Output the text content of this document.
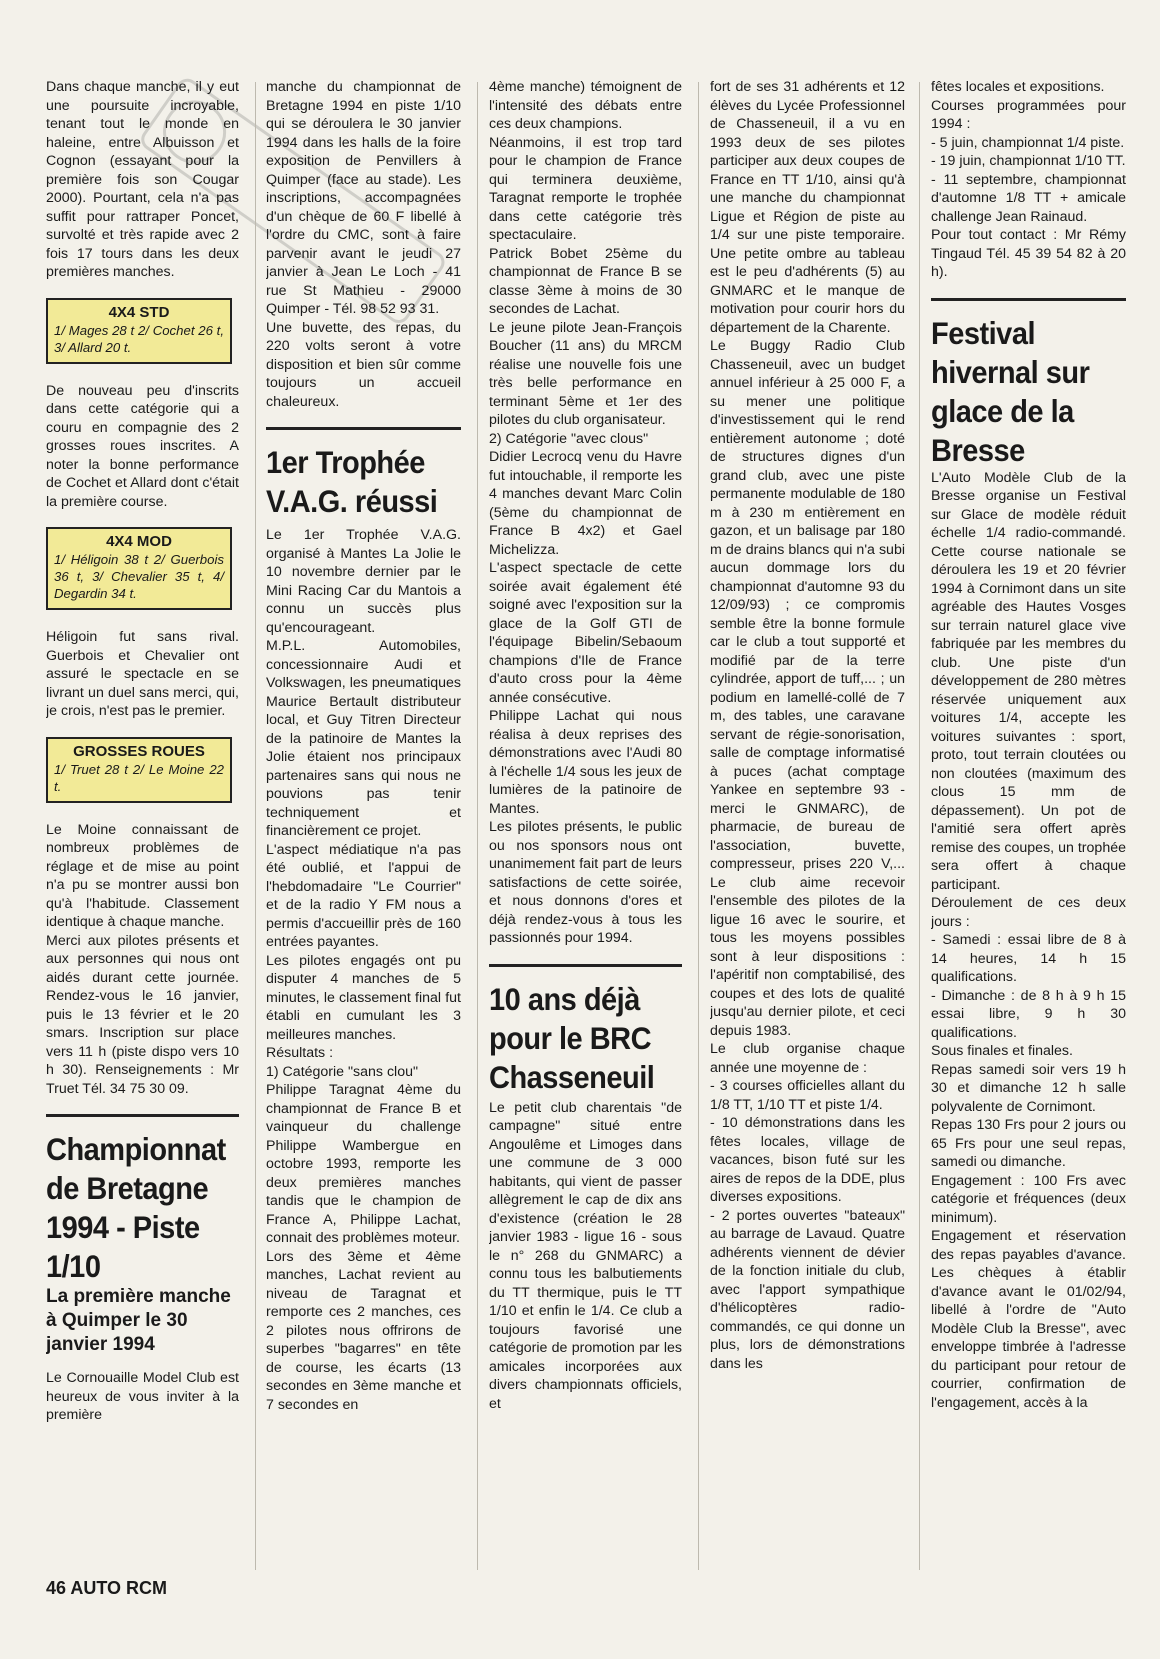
Dans chaque manche, il y eut une poursuite incroyable, tenant tout le monde en haleine, entre Albuisson et Cognon (essayant pour la première fois son Cougar 2000). Pourtant, cela n'a pas suffit pour rattraper Poncet, survolté et très rapide avec 2 fois 17 tours dans les deux premières manches.

4X4 STD
1/ Mages 28 t 2/ Cochet 26 t, 3/ Allard 20 t.

De nouveau peu d'inscrits dans cette catégorie qui a couru en compagnie des 2 grosses roues inscrites. A noter la bonne performance de Cochet et Allard dont c'était la première course.

4X4 MOD
1/ Héligoin 38 t 2/ Guerbois 36 t, 3/ Chevalier 35 t, 4/ Degardin 34 t.

Héligoin fut sans rival. Guerbois et Chevalier ont assuré le spectacle en se livrant un duel sans merci, qui, je crois, n'est pas le premier.

GROSSES ROUES
1/ Truet 28 t 2/ Le Moine 22 t.

Le Moine connaissant de nombreux problèmes de réglage et de mise au point n'a pu se montrer aussi bon qu'à l'habitude. Classement identique à chaque manche.

Merci aux pilotes présents et aux personnes qui nous ont aidés durant cette journée. Rendez-vous le 16 janvier, puis le 13 février et le 20 smars. Inscription sur place vers 11 h (piste dispo vers 10 h 30). Renseignements : Mr Truet Tél. 34 75 30 09.

Championnat de Bretagne 1994 - Piste 1/10
La première manche à Quimper le 30 janvier 1994

Le Cornouaille Model Club est heureux de vous inviter à la première

manche du championnat de Bretagne 1994 en piste 1/10 qui se déroulera le 30 janvier 1994 dans les halls de la foire exposition de Penvillers à Quimper (face au stade). Les inscriptions, accompagnées d'un chèque de 60 F libellé à l'ordre du CMC, sont à faire parvenir avant le jeudi 27 janvier à Jean Le Loch - 41 rue St Mathieu - 29000 Quimper - Tél. 98 52 93 31.

Une buvette, des repas, du 220 volts seront à votre disposition et bien sûr comme toujours un accueil chaleureux.

1er Trophée V.A.G. réussi

Le 1er Trophée V.A.G. organisé à Mantes La Jolie le 10 novembre dernier par le Mini Racing Car du Mantois a connu un succès plus qu'encourageant.

M.P.L. Automobiles, concessionnaire Audi et Volkswagen, les pneumatiques Maurice Bertault distributeur local, et Guy Titren Directeur de la patinoire de Mantes la Jolie étaient nos principaux partenaires sans qui nous ne pouvions pas tenir techniquement et financièrement ce projet.

L'aspect médiatique n'a pas été oublié, et l'appui de l'hebdomadaire "Le Courrier" et de la radio Y FM nous a permis d'accueillir près de 160 entrées payantes.

Les pilotes engagés ont pu disputer 4 manches de 5 minutes, le classement final fut établi en cumulant les 3 meilleures manches.

Résultats :

1) Catégorie "sans clou"

Philippe Taragnat 4ème du championnat de France B et vainqueur du challenge Philippe Wambergue en octobre 1993, remporte les deux premières manches tandis que le champion de France A, Philippe Lachat, connait des problèmes moteur.

Lors des 3ème et 4ème manches, Lachat revient au niveau de Taragnat et remporte ces 2 manches, ces 2 pilotes nous offrirons de superbes "bagarres" en tête de course, les écarts (13 secondes en 3ème manche et 7 secondes en

4ème manche) témoignent de l'intensité des débats entre ces deux champions.

Néanmoins, il est trop tard pour le champion de France qui terminera deuxième, Taragnat remporte le trophée dans cette catégorie très spectaculaire.

Patrick Bobet 25ème du championnat de France B se classe 3ème à moins de 30 secondes de Lachat.

Le jeune pilote Jean-François Boucher (11 ans) du MRCM réalise une nouvelle fois une très belle performance en terminant 5ème et 1er des pilotes du club organisateur.

2) Catégorie "avec clous"

Didier Lecrocq venu du Havre fut intouchable, il remporte les 4 manches devant Marc Colin (5ème du championnat de France B 4x2) et Gael Michelizza.

L'aspect spectacle de cette soirée avait également été soigné avec l'exposition sur la glace de la Golf GTI de l'équipage Bibelin/Sebaoum champions d'Ile de France d'auto cross pour la 4ème année consécutive.

Philippe Lachat qui nous réalisa à deux reprises des démonstrations avec l'Audi 80 à l'échelle 1/4 sous les jeux de lumières de la patinoire de Mantes.

Les pilotes présents, le public ou nos sponsors nous ont unanimement fait part de leurs satisfactions de cette soirée, et nous donnons d'ores et déjà rendez-vous à tous les passionnés pour 1994.

10 ans déjà pour le BRC Chasseneuil

Le petit club charentais "de campagne" situé entre Angoulême et Limoges dans une commune de 3 000 habitants, qui vient de passer allègrement le cap de dix ans d'existence (création le 28 janvier 1983 - ligue 16 - sous le n° 268 du GNMARC) a connu tous les balbutiements du TT thermique, puis le TT 1/10 et enfin le 1/4. Ce club a toujours favorisé une catégorie de promotion par les amicales incorporées aux divers championnats officiels, et

fort de ses 31 adhérents et 12 élèves du Lycée Professionnel de Chasseneuil, il a vu en 1993 deux de ses pilotes participer aux deux coupes de France en TT 1/10, ainsi qu'à une manche du championnat Ligue et Région de piste au 1/4 sur une piste temporaire. Une petite ombre au tableau est le peu d'adhérents (5) au GNMARC et le manque de motivation pour courir hors du département de la Charente.

Le Buggy Radio Club Chasseneuil, avec un budget annuel inférieur à 25 000 F, a su mener une politique d'investissement qui le rend entièrement autonome ; doté de structures dignes d'un grand club, avec une piste permanente modulable de 180 m à 230 m entièrement en gazon, et un balisage par 180 m de drains blancs qui n'a subi aucun dommage lors du championnat d'automne 93 du 12/09/93) ; ce compromis semble être la bonne formule car le club a tout supporté et modifié par de la terre cylindrée, apport de tuff,... ; un podium en lamellé-collé de 7 m, des tables, une caravane servant de régie-sonorisation, salle de comptage informatisé à puces (achat comptage Yankee en septembre 93 - merci le GNMARC), de pharmacie, de bureau de l'association, buvette, compresseur, prises 220 V,... Le club aime recevoir l'ensemble des pilotes de la ligue 16 avec le sourire, et tous les moyens possibles sont à leur dispositions : l'apéritif non comptabilisé, des coupes et des lots de qualité jusqu'au dernier pilote, et ceci depuis 1983.

Le club organise chaque année une moyenne de :

- 3 courses officielles allant du 1/8 TT, 1/10 TT et piste 1/4.

- 10 démonstrations dans les fêtes locales, village de vacances, bison futé sur les aires de repos de la DDE, plus diverses expositions.

- 2 portes ouvertes "bateaux" au barrage de Lavaud. Quatre adhérents viennent de dévier de la fonction initiale du club, avec l'apport sympathique d'hélicoptères radio-commandés, ce qui donne un plus, lors de démonstrations dans les

fêtes locales et expositions.

Courses programmées pour 1994 :

- 5 juin, championnat 1/4 piste.

- 19 juin, championnat 1/10 TT.

- 11 septembre, championnat d'automne 1/8 TT + amicale challenge Jean Rainaud.

Pour tout contact : Mr Rémy Tingaud Tél. 45 39 54 82 à 20 h).

Festival hivernal sur glace de la Bresse

L'Auto Modèle Club de la Bresse organise un Festival sur Glace de modèle réduit échelle 1/4 radio-commandé. Cette course nationale se déroulera les 19 et 20 février 1994 à Cornimont dans un site agréable des Hautes Vosges sur terrain naturel glace vive fabriquée par les membres du club. Une piste d'un développement de 280 mètres réservée uniquement aux voitures 1/4, accepte les voitures suivantes : sport, proto, tout terrain cloutées ou non cloutées (maximum des clous 15 mm de dépassement). Un pot de l'amitié sera offert après remise des coupes, un trophée sera offert à chaque participant.

Déroulement de ces deux jours :

- Samedi : essai libre de 8 à 14 heures, 14 h 15 qualifications.

- Dimanche : de 8 h à 9 h 15 essai libre, 9 h 30 qualifications.

Sous finales et finales.

Repas samedi soir vers 19 h 30 et dimanche 12 h salle polyvalente de Cornimont.

Repas 130 Frs pour 2 jours ou 65 Frs pour une seul repas, samedi ou dimanche.

Engagement : 100 Frs avec catégorie et fréquences (deux minimum).

Engagement et réservation des repas payables d'avance. Les chèques à établir d'avance avant le 01/02/94, libellé à l'ordre de "Auto Modèle Club la Bresse", avec enveloppe timbrée à l'adresse du participant pour retour de courrier, confirmation de l'engagement, accès à la

46 AUTO RCM
